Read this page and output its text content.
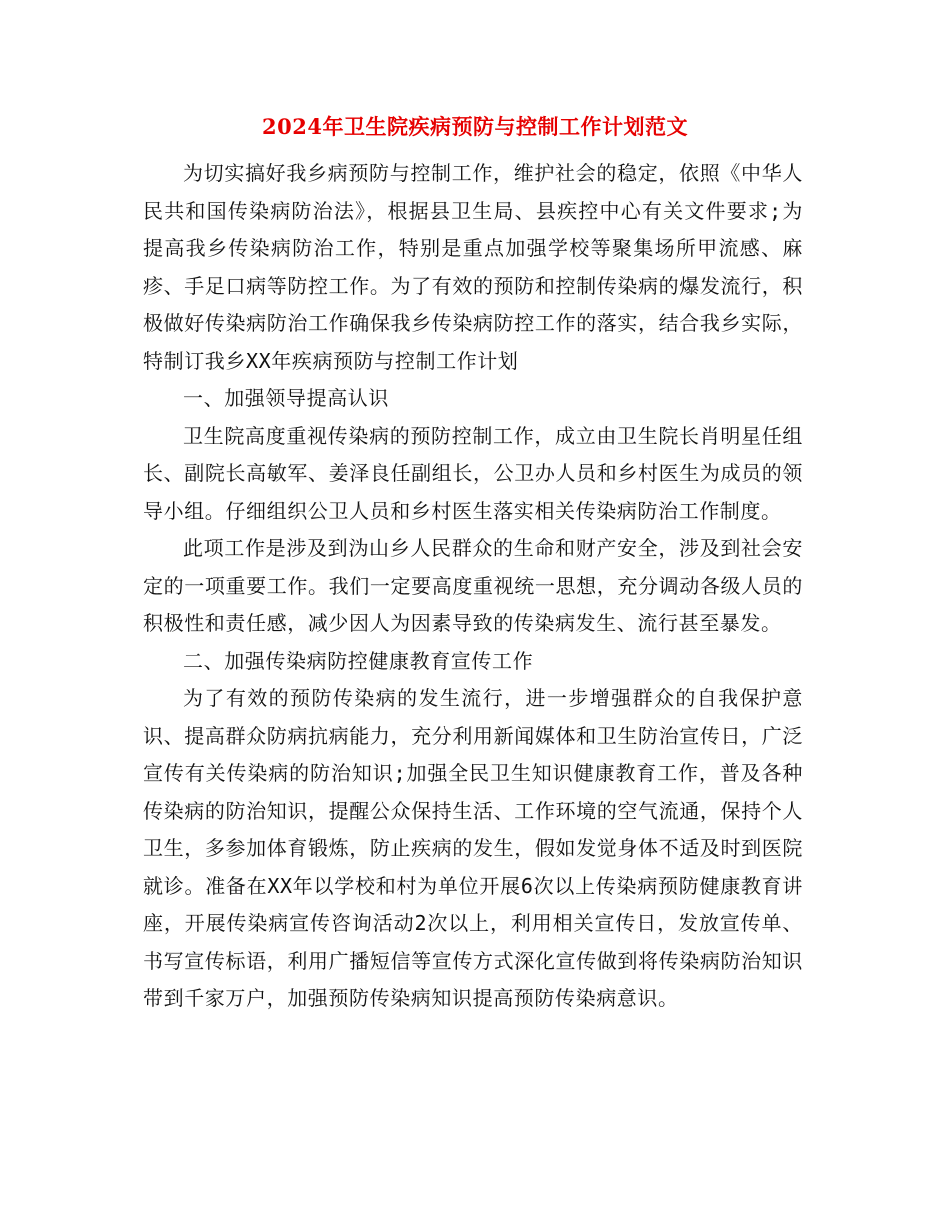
2024年卫生院疾病预防与控制工作计划范文

为切实搞好我乡病预防与控制工作，维护社会的稳定，依照《中华人民共和国传染病防治法》，根据县卫生局、县疾控中心有关文件要求;为提高我乡传染病防治工作，特别是重点加强学校等聚集场所甲流感、麻疹、手足口病等防控工作。为了有效的预防和控制传染病的爆发流行，积极做好传染病防治工作确保我乡传染病防控工作的落实，结合我乡实际，特制订我乡XX年疾病预防与控制工作计划

一、加强领导提高认识

卫生院高度重视传染病的预防控制工作，成立由卫生院长肖明星任组长、副院长高敏军、姜泽良任副组长，公卫办人员和乡村医生为成员的领导小组。仔细组织公卫人员和乡村医生落实相关传染病防治工作制度。

此项工作是涉及到沩山乡人民群众的生命和财产安全，涉及到社会安定的一项重要工作。我们一定要高度重视统一思想，充分调动各级人员的积极性和责任感，减少因人为因素导致的传染病发生、流行甚至暴发。

二、加强传染病防控健康教育宣传工作

为了有效的预防传染病的发生流行，进一步增强群众的自我保护意识、提高群众防病抗病能力，充分利用新闻媒体和卫生防治宣传日，广泛宣传有关传染病的防治知识;加强全民卫生知识健康教育工作，普及各种传染病的防治知识，提醒公众保持生活、工作环境的空气流通，保持个人卫生，多参加体育锻炼，防止疾病的发生，假如发觉身体不适及时到医院就诊。准备在XX年以学校和村为单位开展6次以上传染病预防健康教育讲座，开展传染病宣传咨询活动2次以上，利用相关宣传日，发放宣传单、书写宣传标语，利用广播短信等宣传方式深化宣传做到将传染病防治知识带到千家万户，加强预防传染病知识提高预防传染病意识。
